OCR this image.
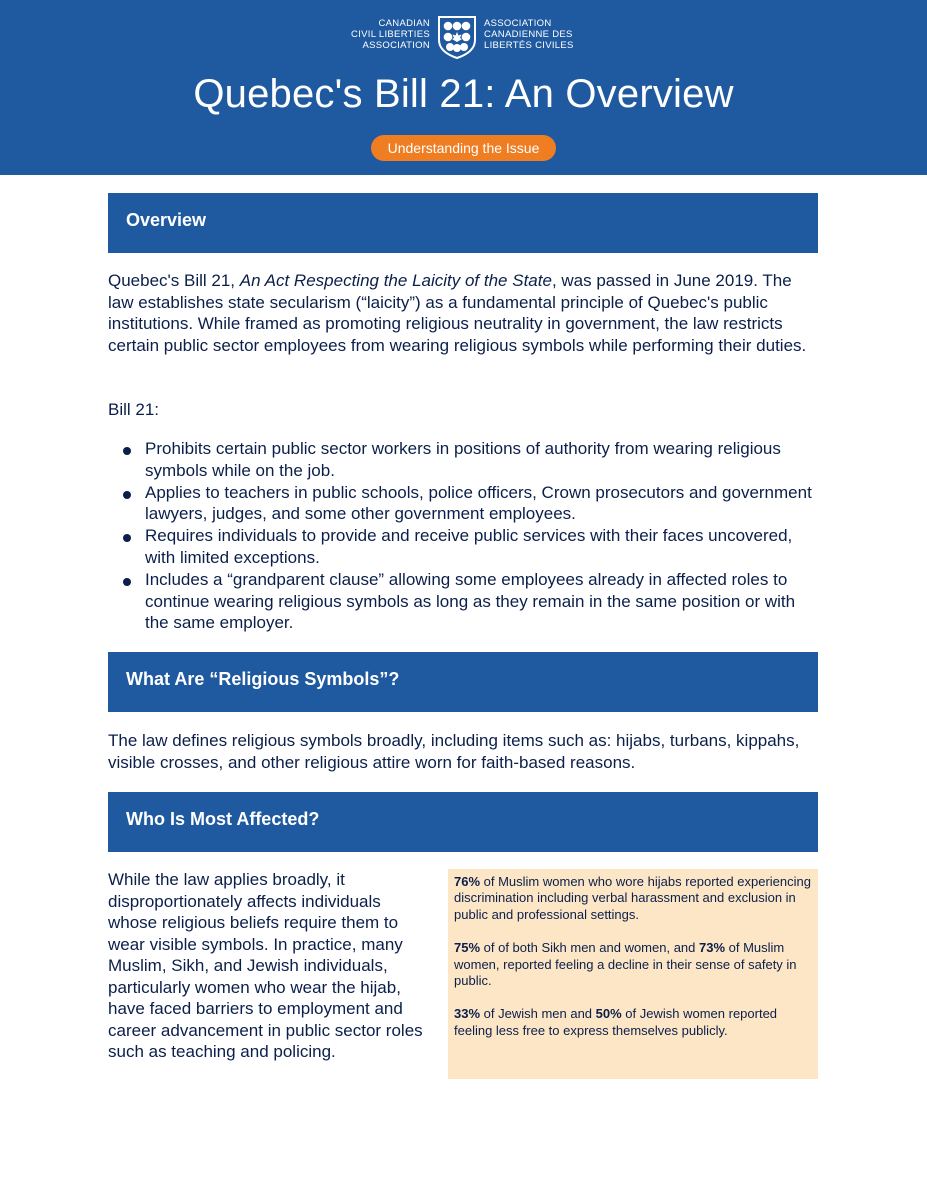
CANADIAN
CIVIL LIBERTIES
ASSOCIATION
ASSOCIATION
CANADIENNE DES
LIBERTÉS CIVILES
Quebec's Bill 21: An Overview
Understanding the Issue
Overview

Quebec's Bill 21, An Act Respecting the Laicity of the State, was passed in June 2019. The law establishes state secularism (“laicity”) as a fundamental principle of Quebec's public institutions. While framed as promoting religious neutrality in government, the law restricts certain public sector employees from wearing religious symbols while performing their duties.

Bill 21:

Prohibits certain public sector workers in positions of authority from wearing religious symbols while on the job.
Applies to teachers in public schools, police officers, Crown prosecutors and government lawyers, judges, and some other government employees.
Requires individuals to provide and receive public services with their faces uncovered, with limited exceptions.
Includes a “grandparent clause” allowing some employees already in affected roles to continue wearing religious symbols as long as they remain in the same position or with the same employer.
What Are “Religious Symbols”?

The law defines religious symbols broadly, including items such as: hijabs, turbans, kippahs, visible crosses, and other religious attire worn for faith-based reasons.

Who Is Most Affected?

While the law applies broadly, it disproportionately affects individuals whose religious beliefs require them to wear visible symbols. In practice, many Muslim, Sikh, and Jewish individuals, particularly women who wear the hijab, have faced barriers to employment and career advancement in public sector roles such as teaching and policing.

76% of Muslim women who wore hijabs reported experiencing discrimination including verbal harassment and exclusion in public and professional settings.

75% of of both Sikh men and women, and 73% of Muslim women, reported feeling a decline in their sense of safety in public.

33% of Jewish men and 50% of Jewish women reported feeling less free to express themselves publicly.
